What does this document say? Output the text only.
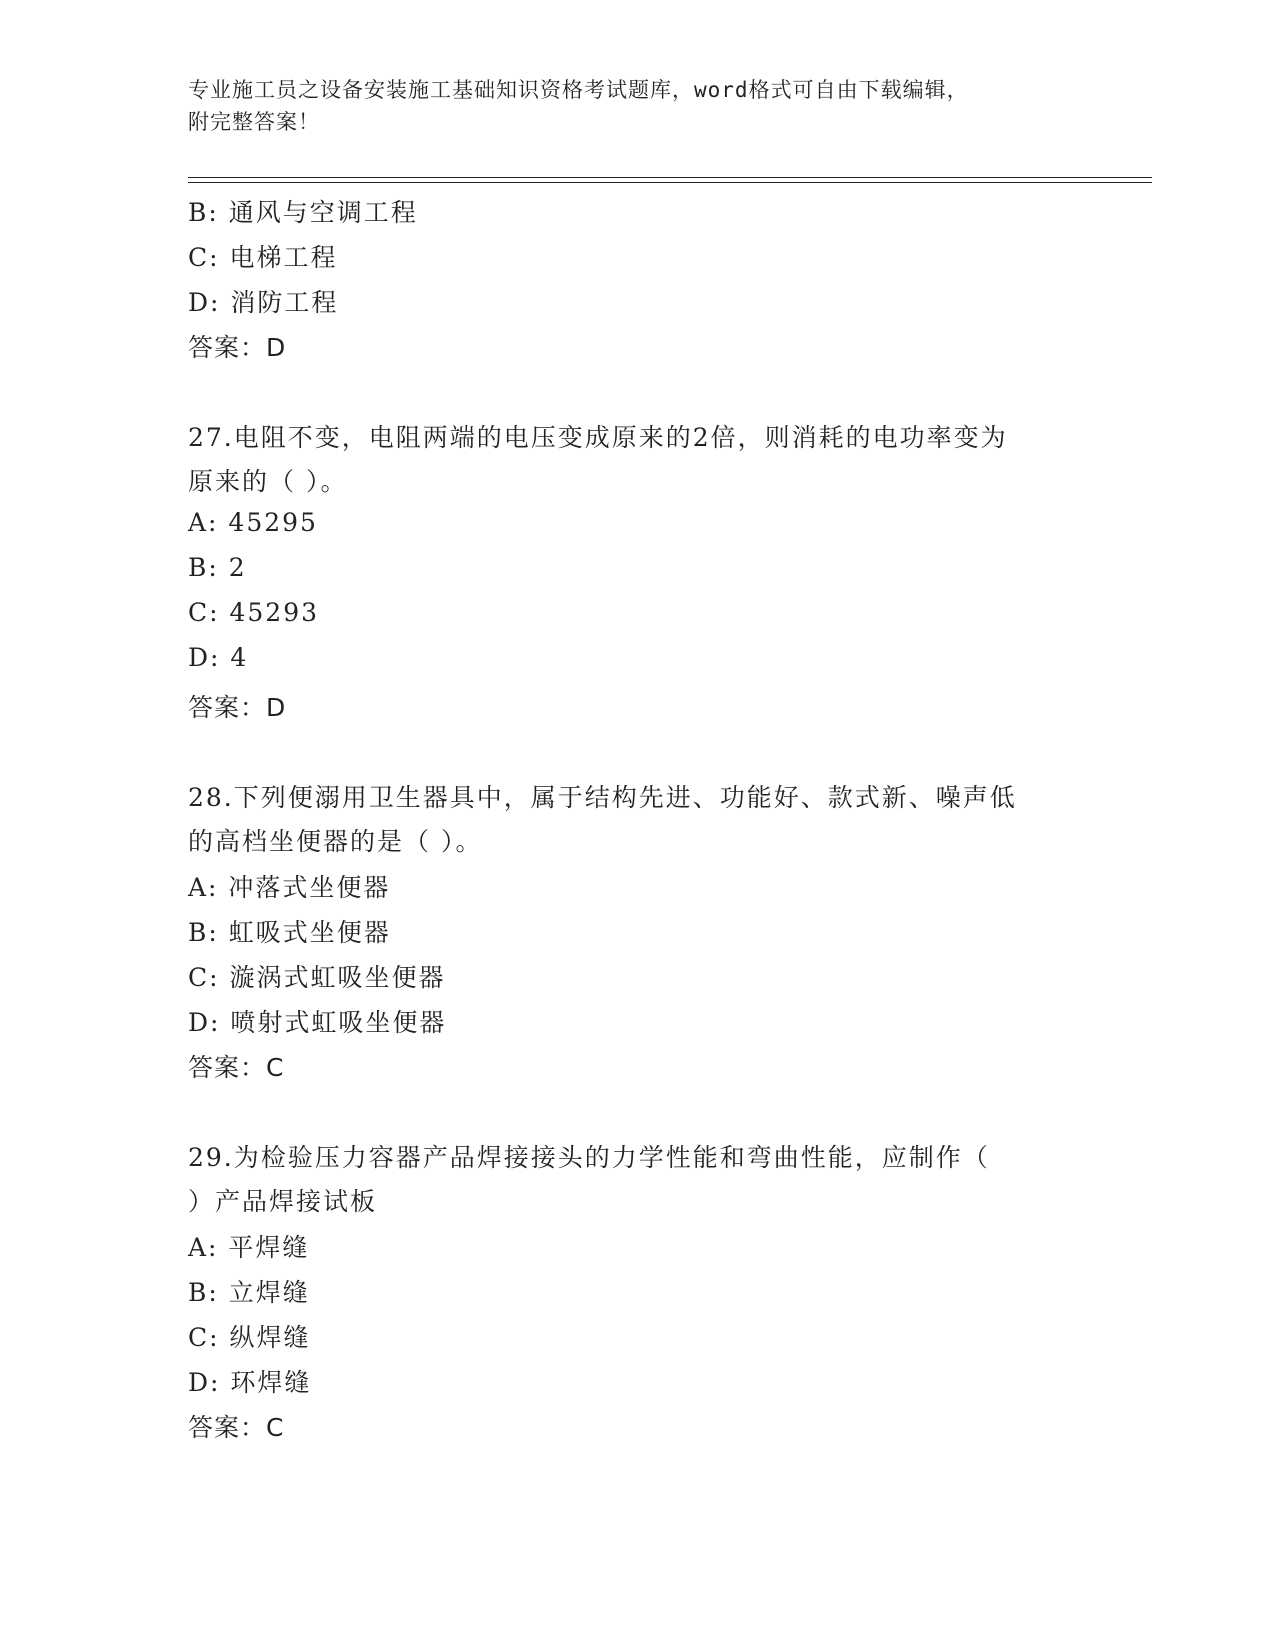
专业施工员之设备安装施工基础知识资格考试题库，word格式可自由下载编辑，
附完整答案！
B: 通风与空调工程
C: 电梯工程
D: 消防工程
答案：D
27.电阻不变，电阻两端的电压变成原来的2倍，则消耗的电功率变为
原来的（ ）。
A: 45295
B: 2
C: 45293
D: 4
答案：D
28.下列便溺用卫生器具中，属于结构先进、功能好、款式新、噪声低
的高档坐便器的是（ ）。
A: 冲落式坐便器
B: 虹吸式坐便器
C: 漩涡式虹吸坐便器
D: 喷射式虹吸坐便器
答案：C
29.为检验压力容器产品焊接接头的力学性能和弯曲性能，应制作（
）产品焊接试板
A: 平焊缝
B: 立焊缝
C: 纵焊缝
D: 环焊缝
答案：C
